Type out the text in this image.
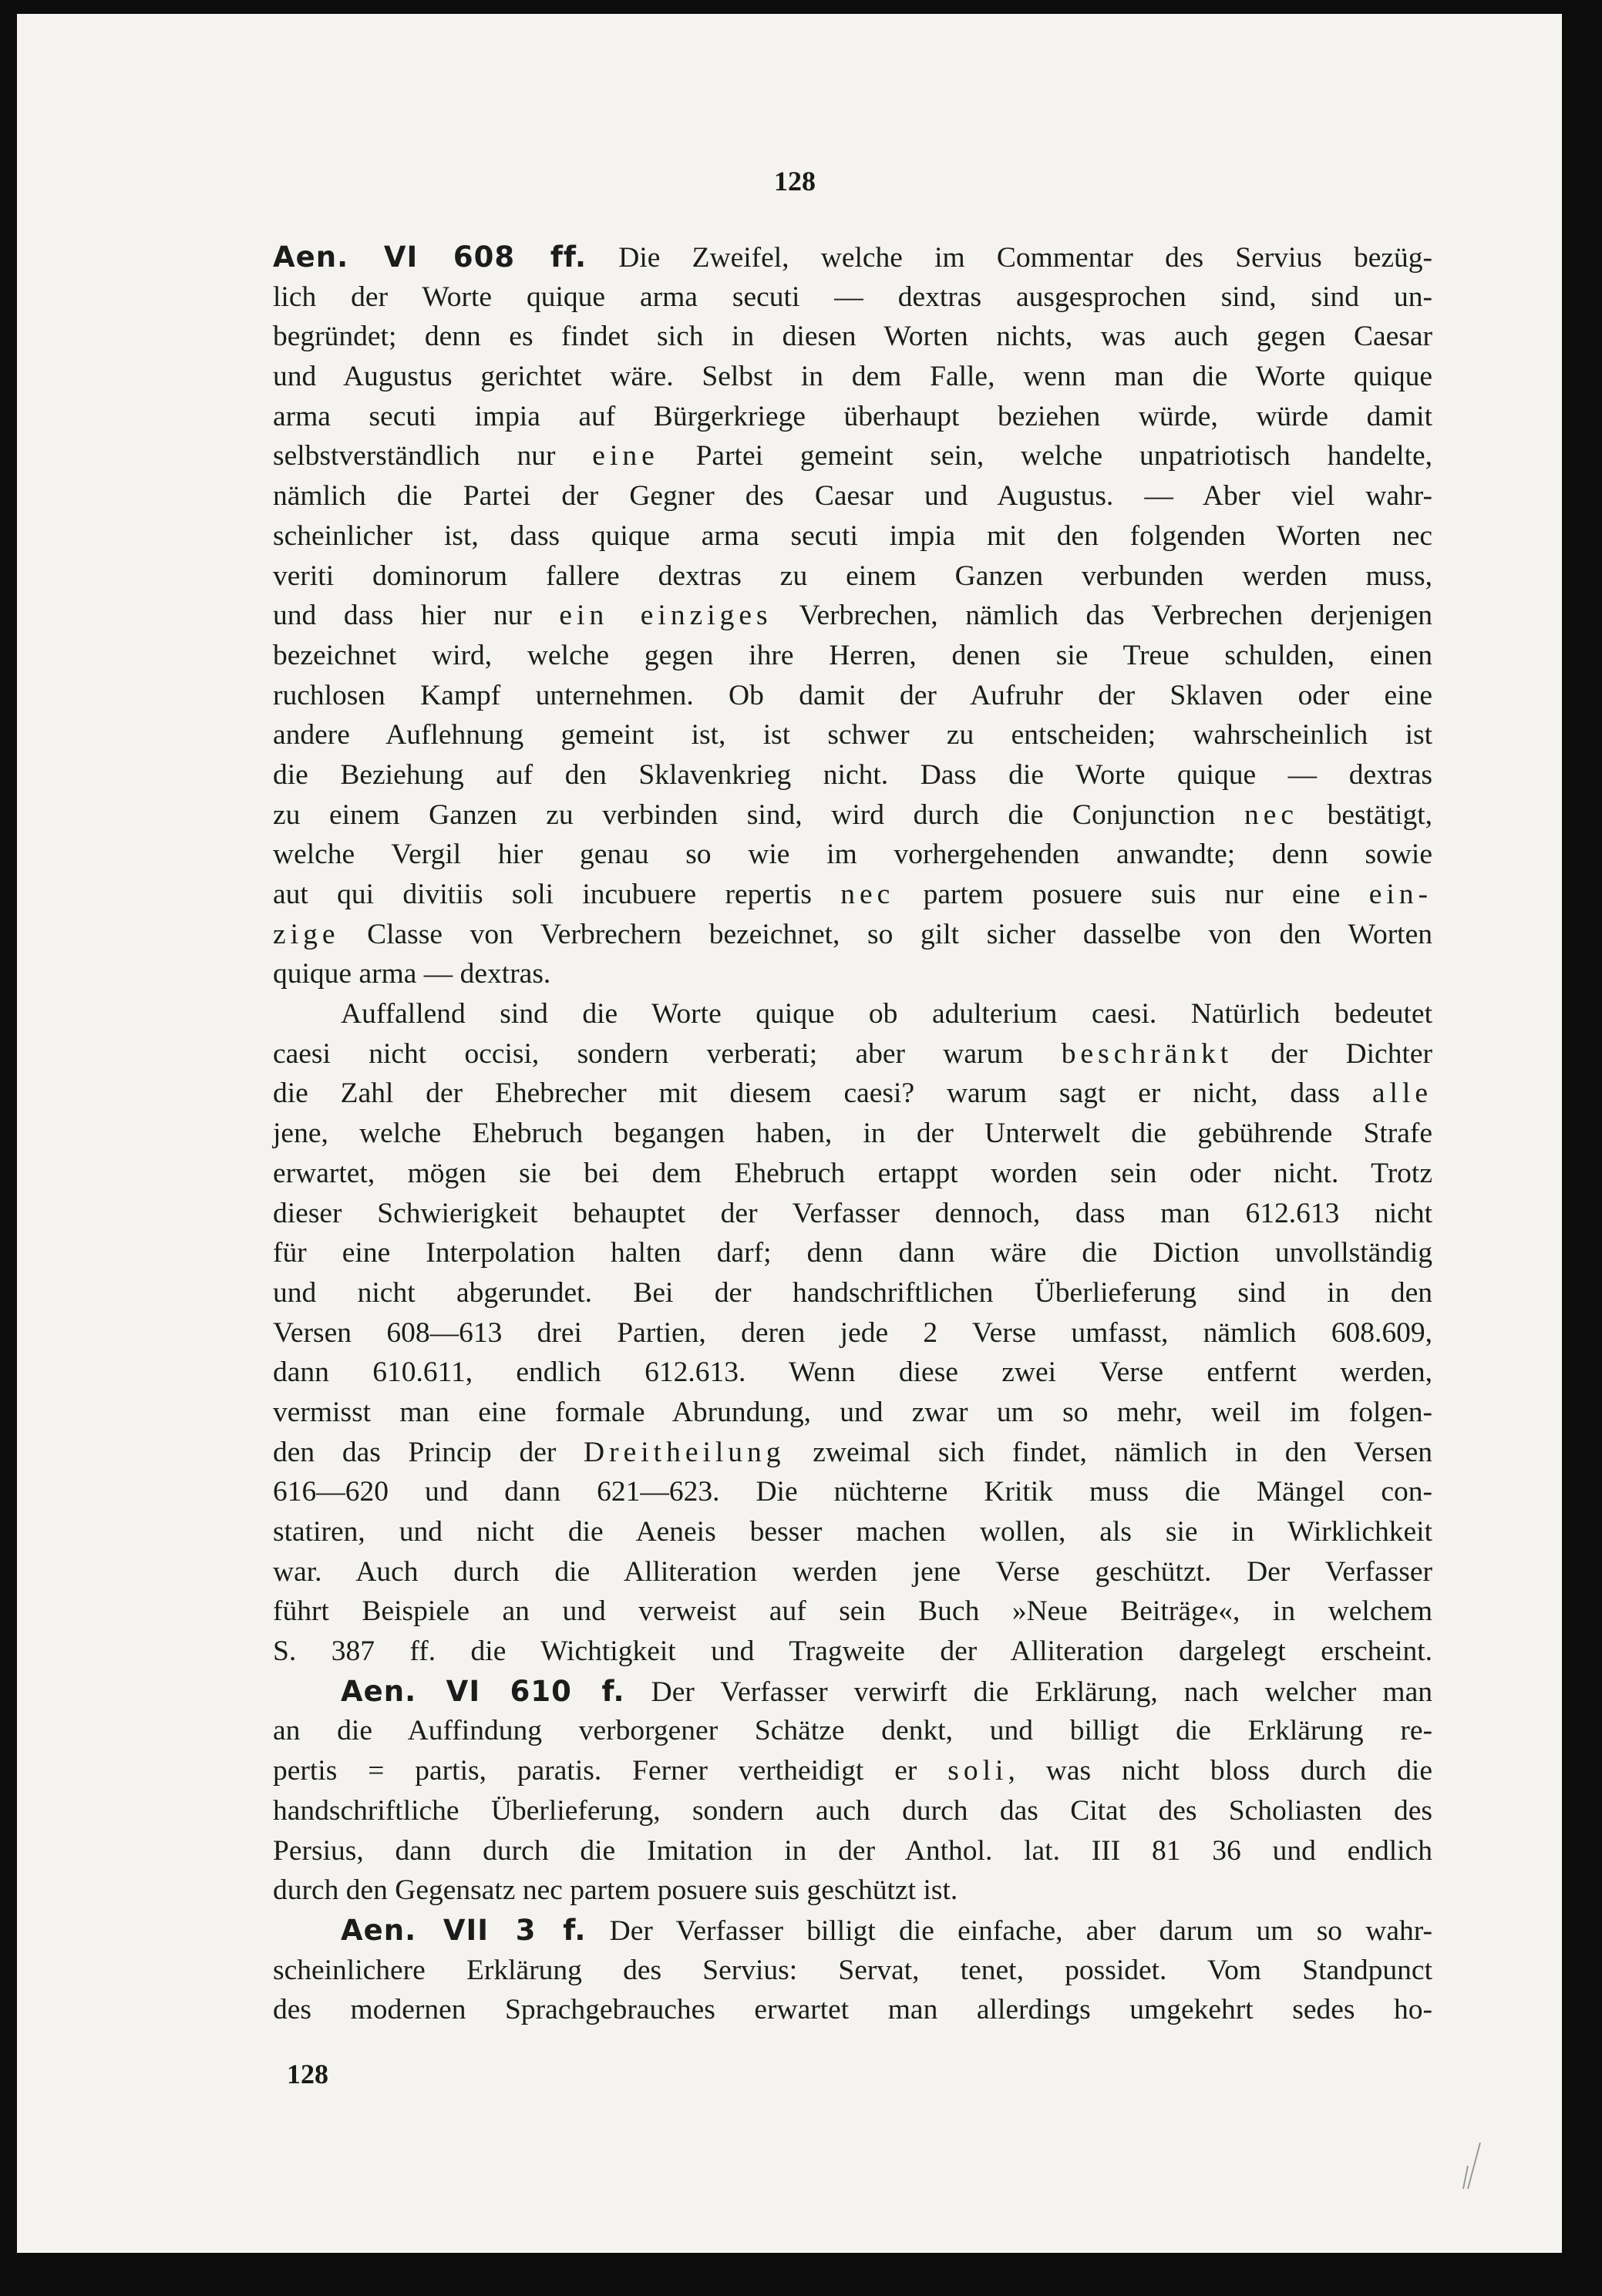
128
Aen. VI 608 ff. Die Zweifel, welche im Commentar des Servius bezüg-
lich der Worte quique arma secuti — dextras ausgesprochen sind, sind un-
begründet; denn es findet sich in diesen Worten nichts, was auch gegen Caesar
und Augustus gerichtet wäre. Selbst in dem Falle, wenn man die Worte quique
arma secuti impia auf Bürgerkriege überhaupt beziehen würde, würde damit
selbstverständlich nur eine Partei gemeint sein, welche unpatriotisch handelte,
nämlich die Partei der Gegner des Caesar und Augustus. — Aber viel wahr-
scheinlicher ist, dass quique arma secuti impia mit den folgenden Worten nec
veriti dominorum fallere dextras zu einem Ganzen verbunden werden muss,
und dass hier nur ein einziges Verbrechen, nämlich das Verbrechen derjenigen
bezeichnet wird, welche gegen ihre Herren, denen sie Treue schulden, einen
ruchlosen Kampf unternehmen. Ob damit der Aufruhr der Sklaven oder eine
andere Auflehnung gemeint ist, ist schwer zu entscheiden; wahrscheinlich ist
die Beziehung auf den Sklavenkrieg nicht. Dass die Worte quique — dextras
zu einem Ganzen zu verbinden sind, wird durch die Conjunction nec bestätigt,
welche Vergil hier genau so wie im vorhergehenden anwandte; denn sowie
aut qui divitiis soli incubuere repertis nec partem posuere suis nur eine ein-
zige Classe von Verbrechern bezeichnet, so gilt sicher dasselbe von den Worten
quique arma — dextras.
Auffallend sind die Worte quique ob adulterium caesi. Natürlich bedeutet
caesi nicht occisi, sondern verberati; aber warum beschränkt der Dichter
die Zahl der Ehebrecher mit diesem caesi? warum sagt er nicht, dass alle
jene, welche Ehebruch begangen haben, in der Unterwelt die gebührende Strafe
erwartet, mögen sie bei dem Ehebruch ertappt worden sein oder nicht. Trotz
dieser Schwierigkeit behauptet der Verfasser dennoch, dass man 612.613 nicht
für eine Interpolation halten darf; denn dann wäre die Diction unvollständig
und nicht abgerundet. Bei der handschriftlichen Überlieferung sind in den
Versen 608—613 drei Partien, deren jede 2 Verse umfasst, nämlich 608.609,
dann 610.611, endlich 612.613. Wenn diese zwei Verse entfernt werden,
vermisst man eine formale Abrundung, und zwar um so mehr, weil im folgen-
den das Princip der Dreitheilung zweimal sich findet, nämlich in den Versen
616—620 und dann 621—623. Die nüchterne Kritik muss die Mängel con-
statiren, und nicht die Aeneis besser machen wollen, als sie in Wirklichkeit
war. Auch durch die Alliteration werden jene Verse geschützt. Der Verfasser
führt Beispiele an und verweist auf sein Buch »Neue Beiträge«, in welchem
S. 387 ff. die Wichtigkeit und Tragweite der Alliteration dargelegt erscheint.
Aen. VI 610 f. Der Verfasser verwirft die Erklärung, nach welcher man
an die Auffindung verborgener Schätze denkt, und billigt die Erklärung re-
pertis = partis, paratis. Ferner vertheidigt er soli, was nicht bloss durch die
handschriftliche Überlieferung, sondern auch durch das Citat des Scholiasten des
Persius, dann durch die Imitation in der Anthol. lat. III 81 36 und endlich
durch den Gegensatz nec partem posuere suis geschützt ist.
Aen. VII 3 f. Der Verfasser billigt die einfache, aber darum um so wahr-
scheinlichere Erklärung des Servius: Servat, tenet, possidet. Vom Standpunct
des modernen Sprachgebrauches erwartet man allerdings umgekehrt sedes ho-
128
